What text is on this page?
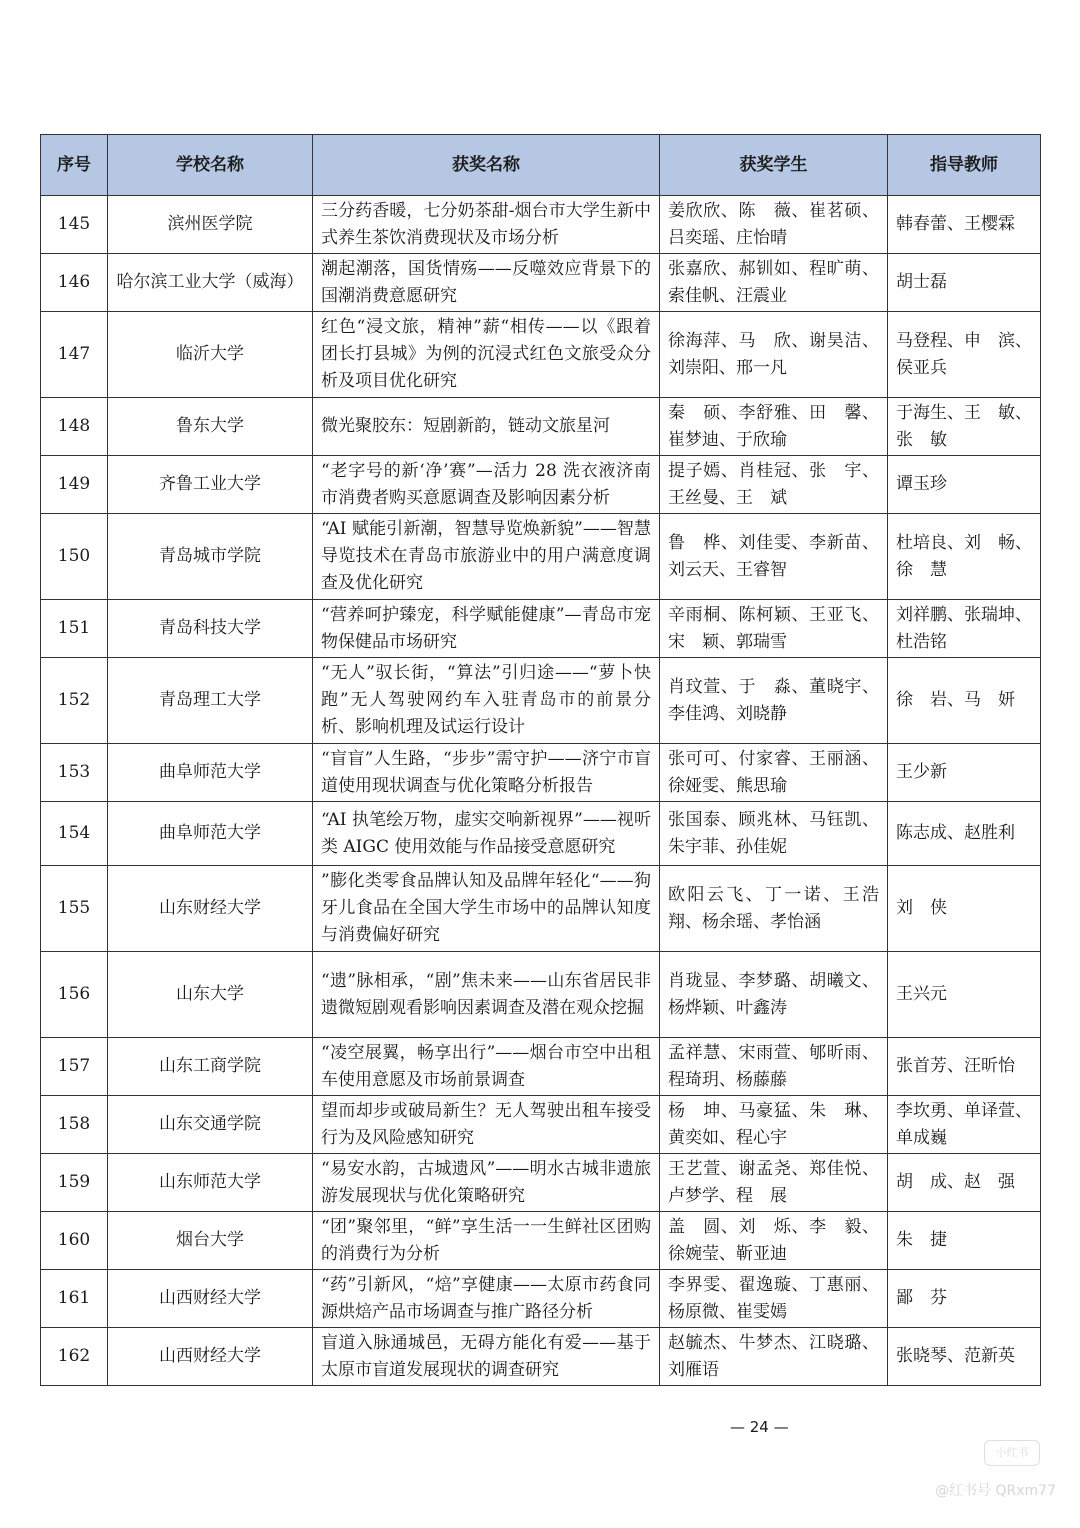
序号	学校名称	获奖名称	获奖学生	指导教师
145	滨州医学院	三分药香暖，七分奶茶甜-烟台市大学生新中式养生茶饮消费现状及市场分析	姜欣欣、陈　薇、崔茗硕、吕奕瑶、庄怡晴	韩春蕾、王樱霖
146	哈尔滨工业大学（威海）	潮起潮落，国货情殇——反噬效应背景下的国潮消费意愿研究	张嘉欣、郝钏如、程旷萌、索佳帆、汪震业	胡士磊
147	临沂大学	红色“浸文旅，精神”薪“相传——以《跟着团长打县城》为例的沉浸式红色文旅受众分析及项目优化研究	徐海萍、马　欣、谢昊洁、刘崇阳、邢一凡	马登程、申　滨、侯亚兵
148	鲁东大学	微光聚胶东：短剧新韵，链动文旅星河	秦　硕、李舒雅、田　馨、崔梦迪、于欣瑜	于海生、王　敏、张　敏
149	齐鲁工业大学	“老字号的新‘净’赛”—活力 28 洗衣液济南市消费者购买意愿调查及影响因素分析	提子嫣、肖桂冠、张　宇、王丝曼、王　斌	谭玉珍
150	青岛城市学院	“AI 赋能引新潮，智慧导览焕新貌”——智慧导览技术在青岛市旅游业中的用户满意度调查及优化研究	鲁　桦、刘佳雯、李新苗、刘云天、王睿智	杜培良、刘　畅、徐　慧
151	青岛科技大学	“营养呵护臻宠，科学赋能健康”—青岛市宠物保健品市场研究	辛雨桐、陈柯颖、王亚飞、宋　颖、郭瑞雪	刘祥鹏、张瑞坤、杜浩铭
152	青岛理工大学	“无人”驭长街，“算法”引归途——“萝卜快跑”无人驾驶网约车入驻青岛市的前景分析、影响机理及试运行设计	肖玟萱、于　淼、董晓宇、李佳鸿、刘晓静	徐　岩、马　妍
153	曲阜师范大学	“盲盲”人生路，“步步”需守护——济宁市盲道使用现状调查与优化策略分析报告	张可可、付家睿、王丽涵、徐娅雯、熊思瑜	王少新
154	曲阜师范大学	“AI 执笔绘万物，虚实交响新视界”——视听类 AIGC 使用效能与作品接受意愿研究	张国泰、顾兆林、马钰凯、朱宇菲、孙佳妮	陈志成、赵胜利
155	山东财经大学	”膨化类零食品牌认知及品牌年轻化“——狗牙儿食品在全国大学生市场中的品牌认知度与消费偏好研究	欧阳云飞、丁一诺、王浩翔、杨余瑶、孝怡涵	刘　侠
156	山东大学	“遗”脉相承，“剧”焦未来——山东省居民非遗微短剧观看影响因素调查及潜在观众挖掘	肖珑显、李梦璐、胡曦文、杨烨颖、叶鑫涛	王兴元
157	山东工商学院	“凌空展翼，畅享出行”——烟台市空中出租车使用意愿及市场前景调查	孟祥慧、宋雨萱、郇昕雨、程琦玥、杨藤藤	张首芳、汪昕怡
158	山东交通学院	望而却步或破局新生？无人驾驶出租车接受行为及风险感知研究	杨　坤、马豪猛、朱　琳、黄奕如、程心宇	李坎勇、单译萱、单成巍
159	山东师范大学	“易安水韵，古城遗风”——明水古城非遗旅游发展现状与优化策略研究	王艺萱、谢孟尧、郑佳悦、卢梦学、程　展	胡　成、赵　强
160	烟台大学	“团”聚邻里，“鲜”享生活一一生鲜社区团购的消费行为分析	盖　圆、刘　烁、李　毅、徐婉莹、靳亚迪	朱　捷
161	山西财经大学	“药”引新风，“焙”享健康——太原市药食同源烘焙产品市场调查与推广路径分析	李界雯、翟逸璇、丁惠丽、杨原微、崔雯嫣	鄙　芬
162	山西财经大学	盲道入脉通城邑，无碍方能化有爱——基于太原市盲道发展现状的调查研究	赵毓杰、牛梦杰、江晓璐、刘雁语	张晓琴、范新英
— 24 —
小红书
@红书号 QRxm77
